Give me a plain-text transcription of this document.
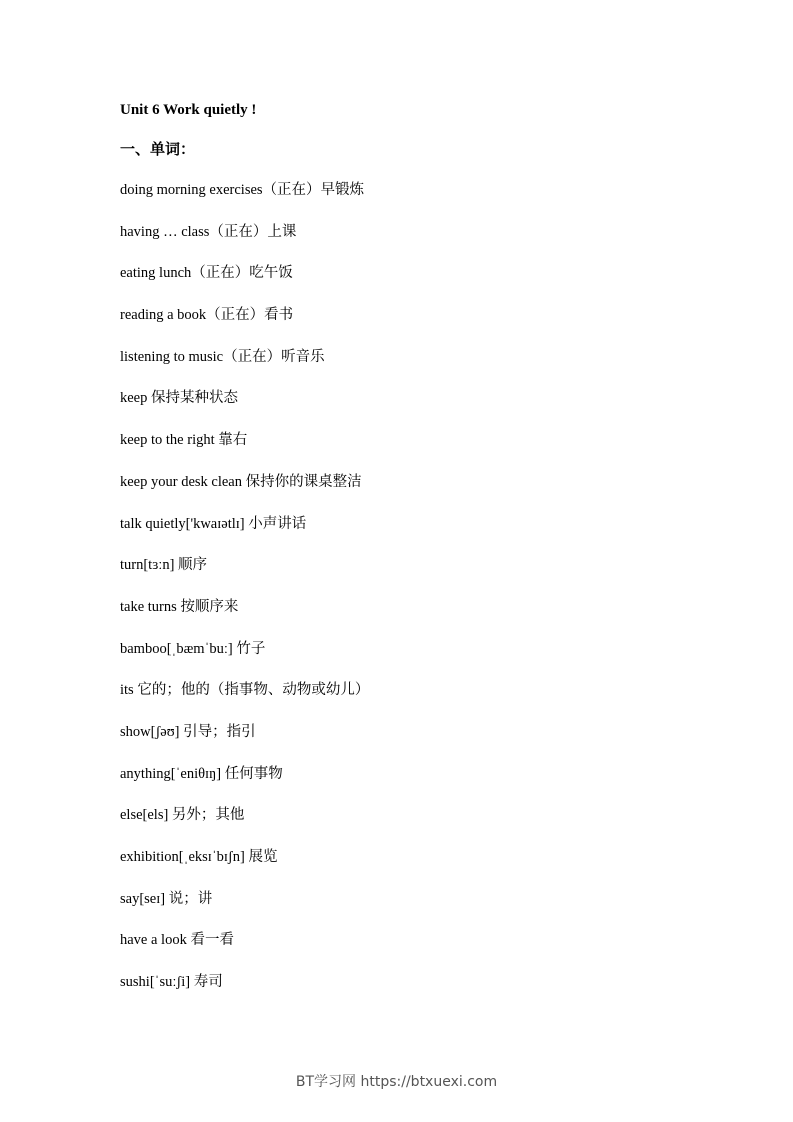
Unit 6 Work quietly !
一、单词：
doing morning exercises（正在）早锻炼
having … class（正在）上课
eating lunch（正在）吃午饭
reading a book（正在）看书
listening to music（正在）听音乐
keep 保持某种状态
keep to the right 靠右
keep your desk clean 保持你的课桌整洁
talk quietly['kwaɪətlɪ] 小声讲话
turn[tɜːn] 顺序
take turns 按顺序来
bamboo[ˌbæmˈbuː] 竹子
its 它的；他的（指事物、动物或幼儿）
show[ʃəʊ] 引导；指引
anything[ˈeniθɪŋ] 任何事物
else[els] 另外；其他
exhibition[ˌeksɪˈbɪʃn] 展览
say[seɪ] 说；讲
have a look 看一看
sushi[ˈsuːʃi] 寿司
BT学习网 https://btxuexi.com
